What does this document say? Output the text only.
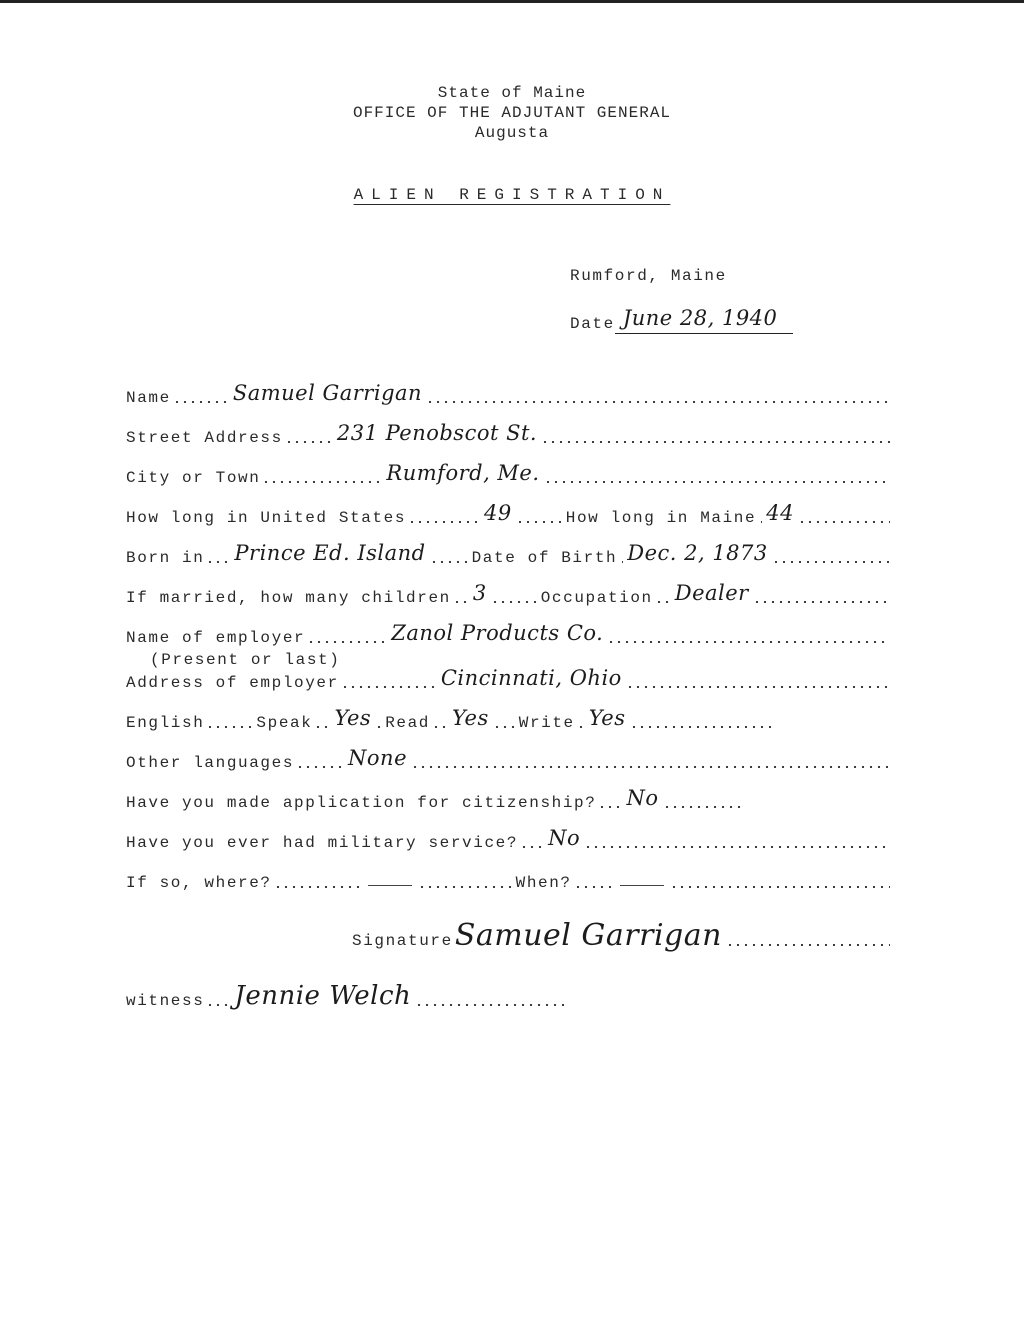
State of Maine
OFFICE OF THE ADJUTANT GENERAL
Augusta
ALIEN REGISTRATION
Rumford, Maine
Date June 28, 1940
Name	Samuel Garrigan
Street Address	231 Penobscot St.
City or Town	Rumford, Me.
How long in United States	49	How long in Maine 44
Born in Prince Ed. Island	Date of Birth Dec. 2, 1873
If married, how many children 3	Occupation Dealer
Name of employer	Zanol Products Co.
(Present or last)
Address of employer	Cincinnati, Ohio
English	Speak Yes Read Yes Write Yes
Other languages	None
Have you made application for citizenship? No
Have you ever had military service? No
If so, where?	When?
Signature Samuel Garrigan
witness Jennie Welch
